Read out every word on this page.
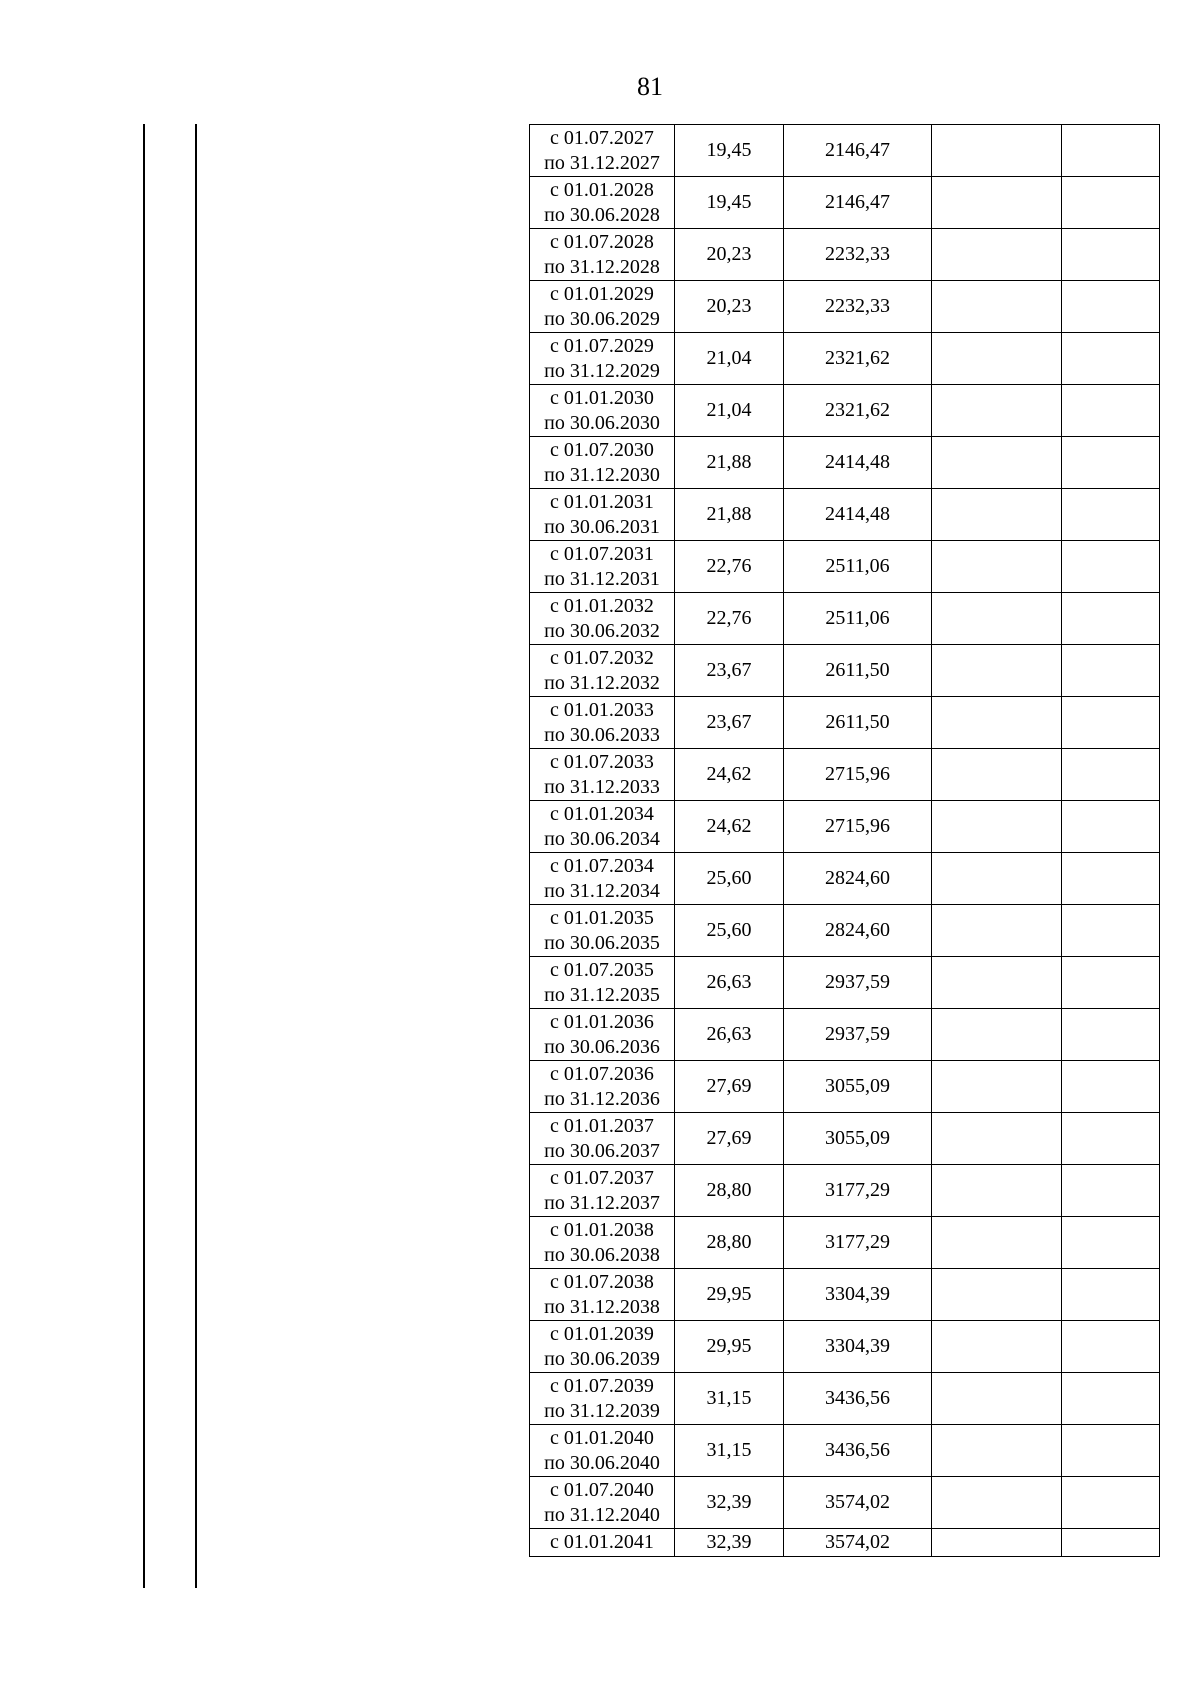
81
с 01.07.2027
по 31.12.2027	19,45	2146,47		

с 01.01.2028
по 30.06.2028	19,45	2146,47		

с 01.07.2028
по 31.12.2028	20,23	2232,33		

с 01.01.2029
по 30.06.2029	20,23	2232,33		

с 01.07.2029
по 31.12.2029	21,04	2321,62		

с 01.01.2030
по 30.06.2030	21,04	2321,62		

с 01.07.2030
по 31.12.2030	21,88	2414,48		

с 01.01.2031
по 30.06.2031	21,88	2414,48		

с 01.07.2031
по 31.12.2031	22,76	2511,06		

с 01.01.2032
по 30.06.2032	22,76	2511,06		

с 01.07.2032
по 31.12.2032	23,67	2611,50		

с 01.01.2033
по 30.06.2033	23,67	2611,50		

с 01.07.2033
по 31.12.2033	24,62	2715,96		

с 01.01.2034
по 30.06.2034	24,62	2715,96		

с 01.07.2034
по 31.12.2034	25,60	2824,60		

с 01.01.2035
по 30.06.2035	25,60	2824,60		

с 01.07.2035
по 31.12.2035	26,63	2937,59		

с 01.01.2036
по 30.06.2036	26,63	2937,59		

с 01.07.2036
по 31.12.2036	27,69	3055,09		

с 01.01.2037
по 30.06.2037	27,69	3055,09		

с 01.07.2037
по 31.12.2037	28,80	3177,29		

с 01.01.2038
по 30.06.2038	28,80	3177,29		

с 01.07.2038
по 31.12.2038	29,95	3304,39		

с 01.01.2039
по 30.06.2039	29,95	3304,39		

с 01.07.2039
по 31.12.2039	31,15	3436,56		

с 01.01.2040
по 30.06.2040	31,15	3436,56		

с 01.07.2040
по 31.12.2040	32,39	3574,02		

с 01.01.2041	32,39	3574,02		
